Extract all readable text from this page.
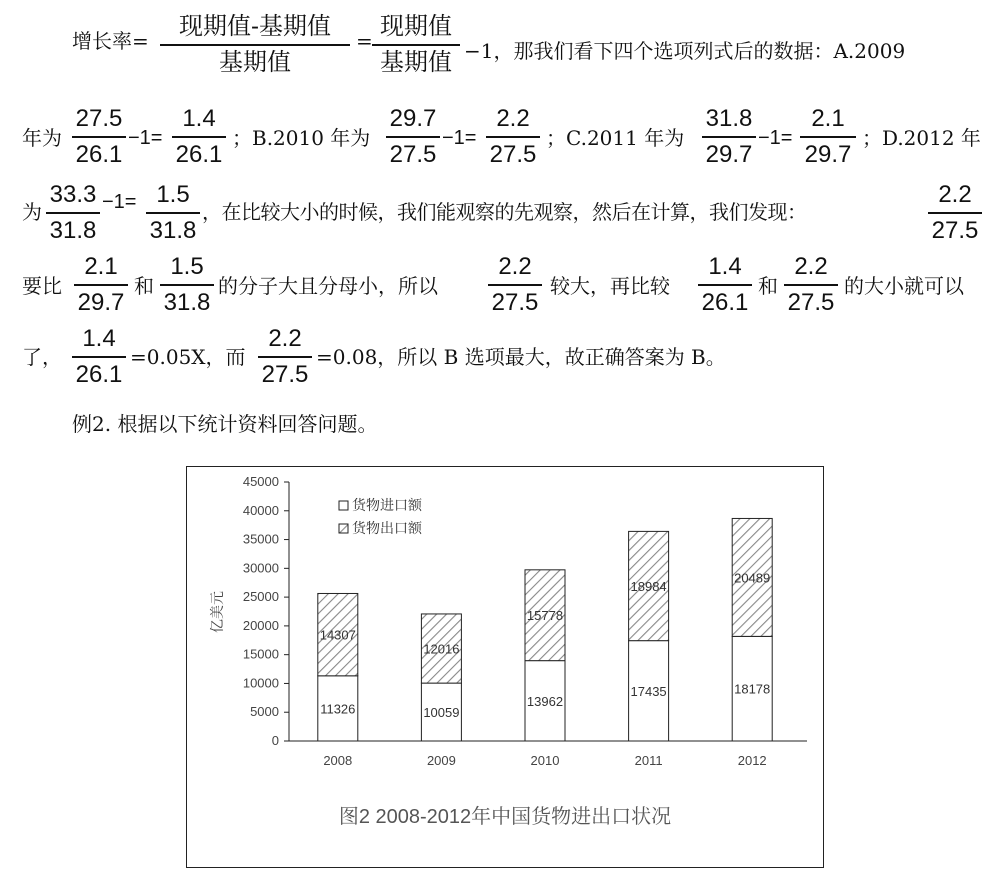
增长率=
现期值-基期值
基期值
=
现期值
基期值 −1，那我们看下四个选项列式后的数据：A.2009
年为
27.5
26.1
−1=
1.4
26.1
；B.2010 年为
29.7
27.5
−1=
2.2
27.5
；C.2011 年为
31.8
29.7
−1=
2.1
29.7
；D.2012 年
为
33.3
31.8
−1= 1.5
31.8
，在比较大小的时候，我们能观察的先观察，然后在计算，我们发现：
2.2
27.5
要比
2.1
29.7
和
1.5
31.8
的分子大且分母小，所以
2.2
27.5
较大，再比较
1.4
26.1
和
2.2
27.5
的大小就可以
了，
1.4
26.1
=0.05X，而
2.2
27.5
=0.08，所以 B 选项最大，故正确答案为 B。
例2. 根据以下统计资料回答问题。
0
5000
10000
15000
20000
25000
30000
35000
40000
45000
11326
14307
2008
10059
12016
2009
13962
15778
2010
17435
18984
2011
18178
20489
2012
亿美元
货物进口额
货物出口额
图2 2008-2012年中国货物进出口状况
